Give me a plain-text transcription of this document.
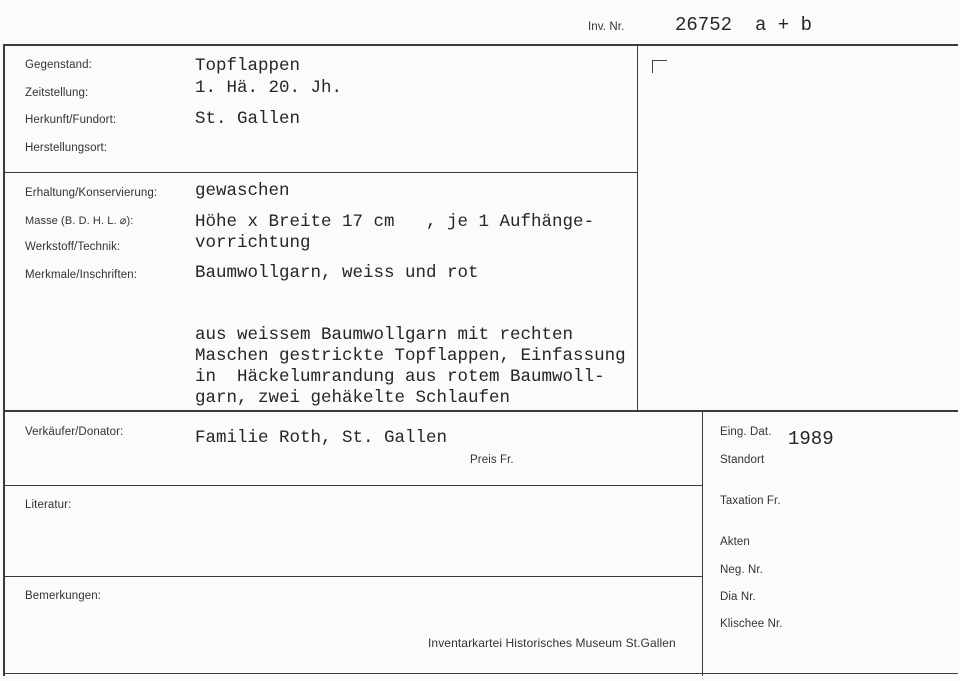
Inv. Nr.	26752 a + b
Gegenstand:
Zeitstellung:
Herkunft/Fundort:
Herstellungsort:
Topflappen
1. Hä. 20. Jh.
St. Gallen
Erhaltung/Konservierung:
Masse (B. D. H. L. ⌀):
Werkstoff/Technik:
Merkmale/Inschriften:
gewaschen
Höhe x Breite 17 cm   , je 1 Aufhänge-
vorrichtung
Baumwollgarn, weiss und rot
aus weissem Baumwollgarn mit rechten
Maschen gestrickte Topflappen, Einfassung
in  Häckelumrandung aus rotem Baumwoll-
garn, zwei gehäkelte Schlaufen
Verkäufer/Donator:	Familie Roth, St. Gallen
Preis Fr.
Literatur:
Bemerkungen:
Inventarkartei Historisches Museum St.Gallen
Eing. Dat. 1989
Standort
Taxation Fr.
Akten
Neg. Nr.
Dia Nr.
Klischee Nr.
